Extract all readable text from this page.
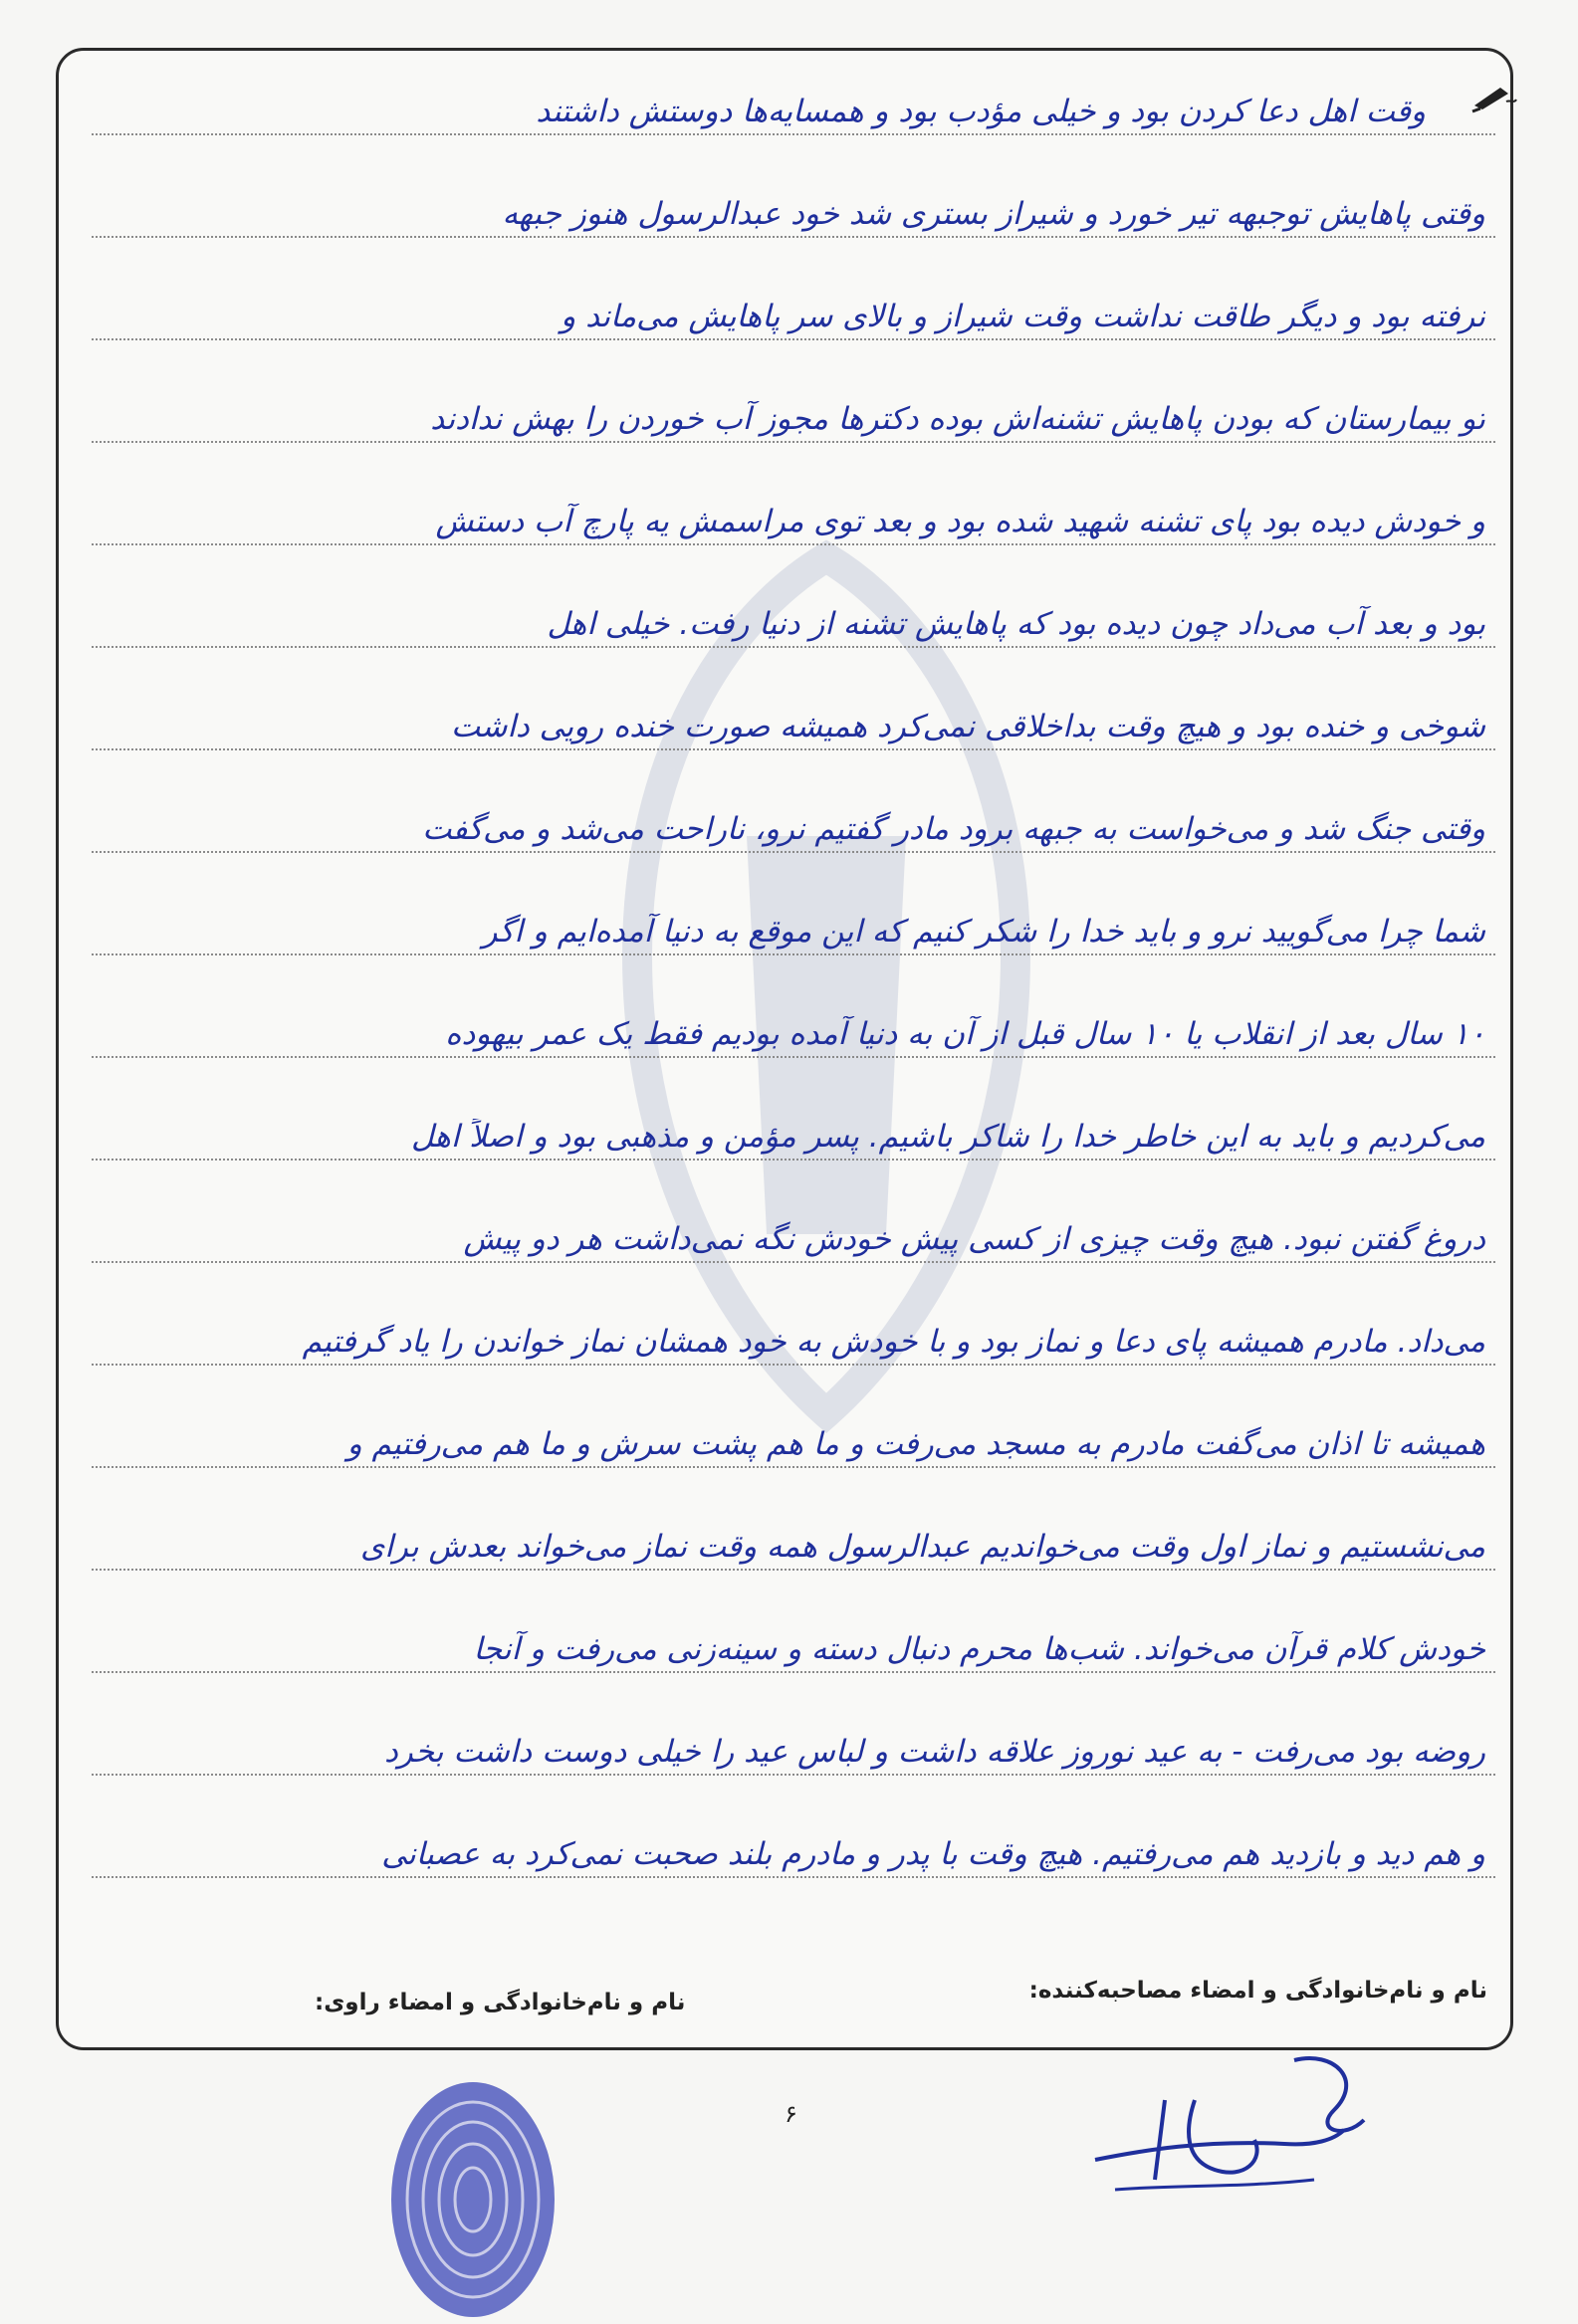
وقت اهل دعا کردن بود و خیلی مؤدب بود و همسایه‌ها دوستش داشتند
وقتی پاهایش توجبهه تیر خورد و شیراز بستری شد خود عبدالرسول هنوز جبهه
نرفته بود و دیگر طاقت نداشت وقت شیراز و بالای سر پاهایش می‌ماند و
تو بیمارستان که بودن پاهایش تشنه‌اش بوده دکترها مجوز آب خوردن را بهش ندادند
و خودش دیده بود پای تشنه شهید شده بود و بعد توی مراسمش یه پارچ آب دستش
بود و بعد آب می‌داد چون دیده بود که پاهایش تشنه از دنیا رفت. خیلی اهل
شوخی و خنده بود و هیچ وقت بداخلاقی نمی‌کرد همیشه صورت خنده رویی داشت
وقتی جنگ شد و می‌خواست به جبهه برود مادر گفتیم نرو، ناراحت می‌شد و می‌گفت
شما چرا می‌گویید نرو و باید خدا را شکر کنیم که این موقع به دنیا آمده‌ایم و اگر
۱۰ سال بعد از انقلاب یا ۱۰ سال قبل از آن به دنیا آمده بودیم فقط یک عمر بیهوده
می‌کردیم و باید به این خاطر خدا را شاکر باشیم. پسر مؤمن و مذهبی بود و اصلاً اهل
دروغ گفتن نبود. هیچ وقت چیزی از کسی پیش خودش نگه نمی‌داشت هر دو پیش
می‌داد. مادرم همیشه پای دعا و نماز بود و با خودش به خود همشان نماز خواندن را یاد گرفتیم
همیشه تا اذان می‌گفت مادرم به مسجد می‌رفت و ما هم پشت سرش و ما هم می‌رفتیم و
می‌نشستیم و نماز اول وقت می‌خواندیم عبدالرسول همه وقت نماز می‌خواند بعدش برای
خودش کلام قرآن می‌خواند. شب‌ها محرم دنبال دسته و سینه‌زنی می‌رفت و آنجا
روضه بود می‌رفت - به عید نوروز علاقه داشت و لباس عید را خیلی دوست داشت بخرد
و هم دید و بازدید هم می‌رفتیم. هیچ وقت با پدر و مادرم بلند صحبت نمی‌کرد به عصبانی
نام و نام‌خانوادگی و امضاء مصاحبه‌کننده:
نام و نام‌خانوادگی و امضاء راوی:
۶
